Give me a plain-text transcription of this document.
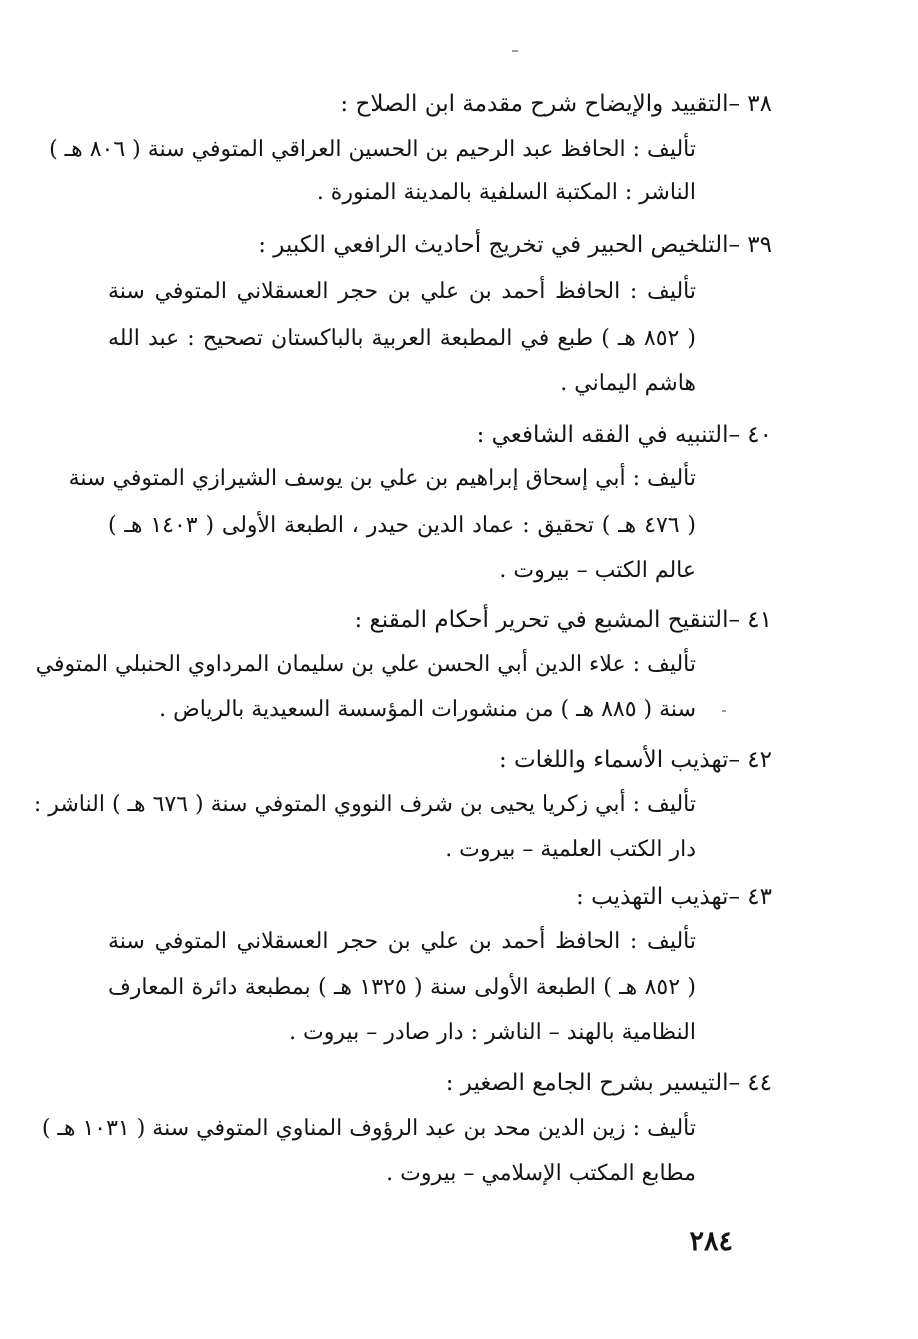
٣٨ –التقييد والإيضاح شرح مقدمة ابن الصلاح :
تأليف : الحافظ عبد الرحيم بن الحسين العراقي المتوفي سنة ( ٨٠٦ هـ )
الناشر : المكتبة السلفية بالمدينة المنورة .
٣٩ –التلخيص الحبير في تخريج أحاديث الرافعي الكبير :
تأليف : الحافظ أحمد بن علي بن حجر العسقلاني المتوفي سنة
( ٨٥٢ هـ ) طبع في المطبعة العربية بالباكستان تصحيح : عبد الله
هاشم اليماني .
٤٠ –التنبيه في الفقه الشافعي :
تأليف : أبي إسحاق إبراهيم بن علي بن يوسف الشيرازي المتوفي سنة
( ٤٧٦ هـ ) تحقيق : عماد الدين حيدر ، الطبعة الأولى ( ١٤٠٣ هـ )
عالم الكتب – بيروت .
٤١ –التنقيح المشبع في تحرير أحكام المقنع :
تأليف : علاء الدين أبي الحسن علي بن سليمان المرداوي الحنبلي المتوفي
سنة ( ٨٨٥ هـ ) من منشورات المؤسسة السعيدية بالرياض .
٤٢ –تهذيب الأسماء واللغات :
تأليف : أبي زكريا يحيى بن شرف النووي المتوفي سنة ( ٦٧٦ هـ ) الناشر :
دار الكتب العلمية – بيروت .
٤٣ –تهذيب التهذيب :
تأليف : الحافظ أحمد بن علي بن حجر العسقلاني المتوفي سنة
( ٨٥٢ هـ ) الطبعة الأولى سنة ( ١٣٢٥ هـ ) بمطبعة دائرة المعارف
النظامية بالهند – الناشر : دار صادر – بيروت .
٤٤ –التيسير بشرح الجامع الصغير :
تأليف : زين الدين محد بن عبد الرؤوف المناوي المتوفي سنة ( ١٠٣١ هـ )
مطابع المكتب الإسلامي – بيروت .
٢٨٤
